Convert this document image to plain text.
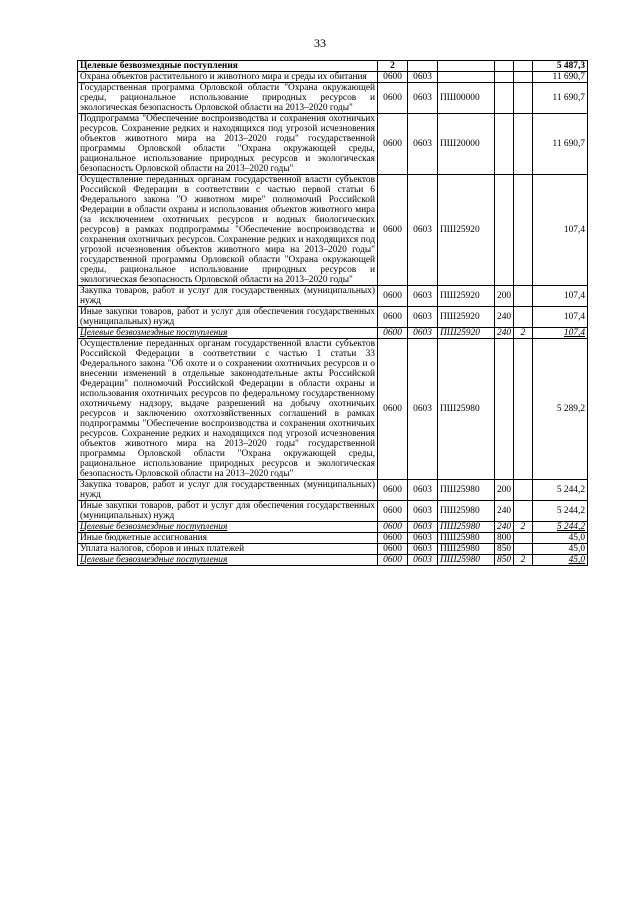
33
Целевые безвозмездные поступления	2					5 487,3
Охрана объектов растительного и животного мира и среды их обитания	0600	0603				11 690,7
Государственная программа Орловской области "Охрана окружающей среды, рациональное использование природных ресурсов и экологическая безопасность Орловской области на 2013–2020 годы"	0600	0603	ПШ00000			11 690,7
Подпрограмма "Обеспечение воспроизводства и сохранения охотничьих ресурсов. Сохранение редких и находящихся под угрозой исчезновения объектов животного мира на 2013–2020 годы" государственной программы Орловской области "Охрана окружающей среды, рациональное использование природных ресурсов и экологическая безопасность Орловской области на 2013–2020 годы"	0600	0603	ПШ20000			11 690,7
Осуществление переданных органам государственной власти субъектов Российской Федерации в соответствии с частью первой статьи 6 Федерального закона "О животном мире" полномочий Российской Федерации в области охраны и использования объектов животного мира (за исключением охотничьих ресурсов и водных биологических ресурсов) в рамках подпрограммы "Обеспечение воспроизводства и сохранения охотничьих ресурсов. Сохранение редких и находящихся под угрозой исчезновения объектов животного мира на 2013–2020 годы" государственной программы Орловской области "Охрана окружающей среды, рациональное использование природных ресурсов и экологическая безопасность Орловской области на 2013–2020 годы"	0600	0603	ПШ25920			107,4
Закупка товаров, работ и услуг для государственных (муниципальных) нужд	0600	0603	ПШ25920	200		107,4
Иные закупки товаров, работ и услуг для обеспечения государственных (муниципальных) нужд	0600	0603	ПШ25920	240		107,4
Целевые безвозмездные поступления	0600	0603	ПШ25920	240	2	107,4
Осуществление переданных органам государственной власти субъектов Российской Федерации в соответствии с частью 1 статьи 33 Федерального закона "Об охоте и о сохранении охотничьих ресурсов и о внесении изменений в отдельные законодательные акты Российской Федерации" полномочий Российской Федерации в области охраны и использования охотничьих ресурсов по федеральному государственному охотничьему надзору, выдаче разрешений на добычу охотничьих ресурсов и заключению охотхозяйственных соглашений в рамках подпрограммы "Обеспечение воспроизводства и сохранения охотничьих ресурсов. Сохранение редких и находящихся под угрозой исчезновения объектов животного мира на 2013–2020 годы" государственной программы Орловской области "Охрана окружающей среды, рациональное использование природных ресурсов и экологическая безопасность Орловской области на 2013–2020 годы"	0600	0603	ПШ25980			5 289,2
Закупка товаров, работ и услуг для государственных (муниципальных) нужд	0600	0603	ПШ25980	200		5 244,2
Иные закупки товаров, работ и услуг для обеспечения государственных (муниципальных) нужд	0600	0603	ПШ25980	240		5 244,2
Целевые безвозмездные поступления	0600	0603	ПШ25980	240	2	5 244,2
Иные бюджетные ассигнования	0600	0603	ПШ25980	800		45,0
Уплата налогов, сборов и иных платежей	0600	0603	ПШ25980	850		45,0
Целевые безвозмездные поступления	0600	0603	ПШ25980	850	2	45,0
